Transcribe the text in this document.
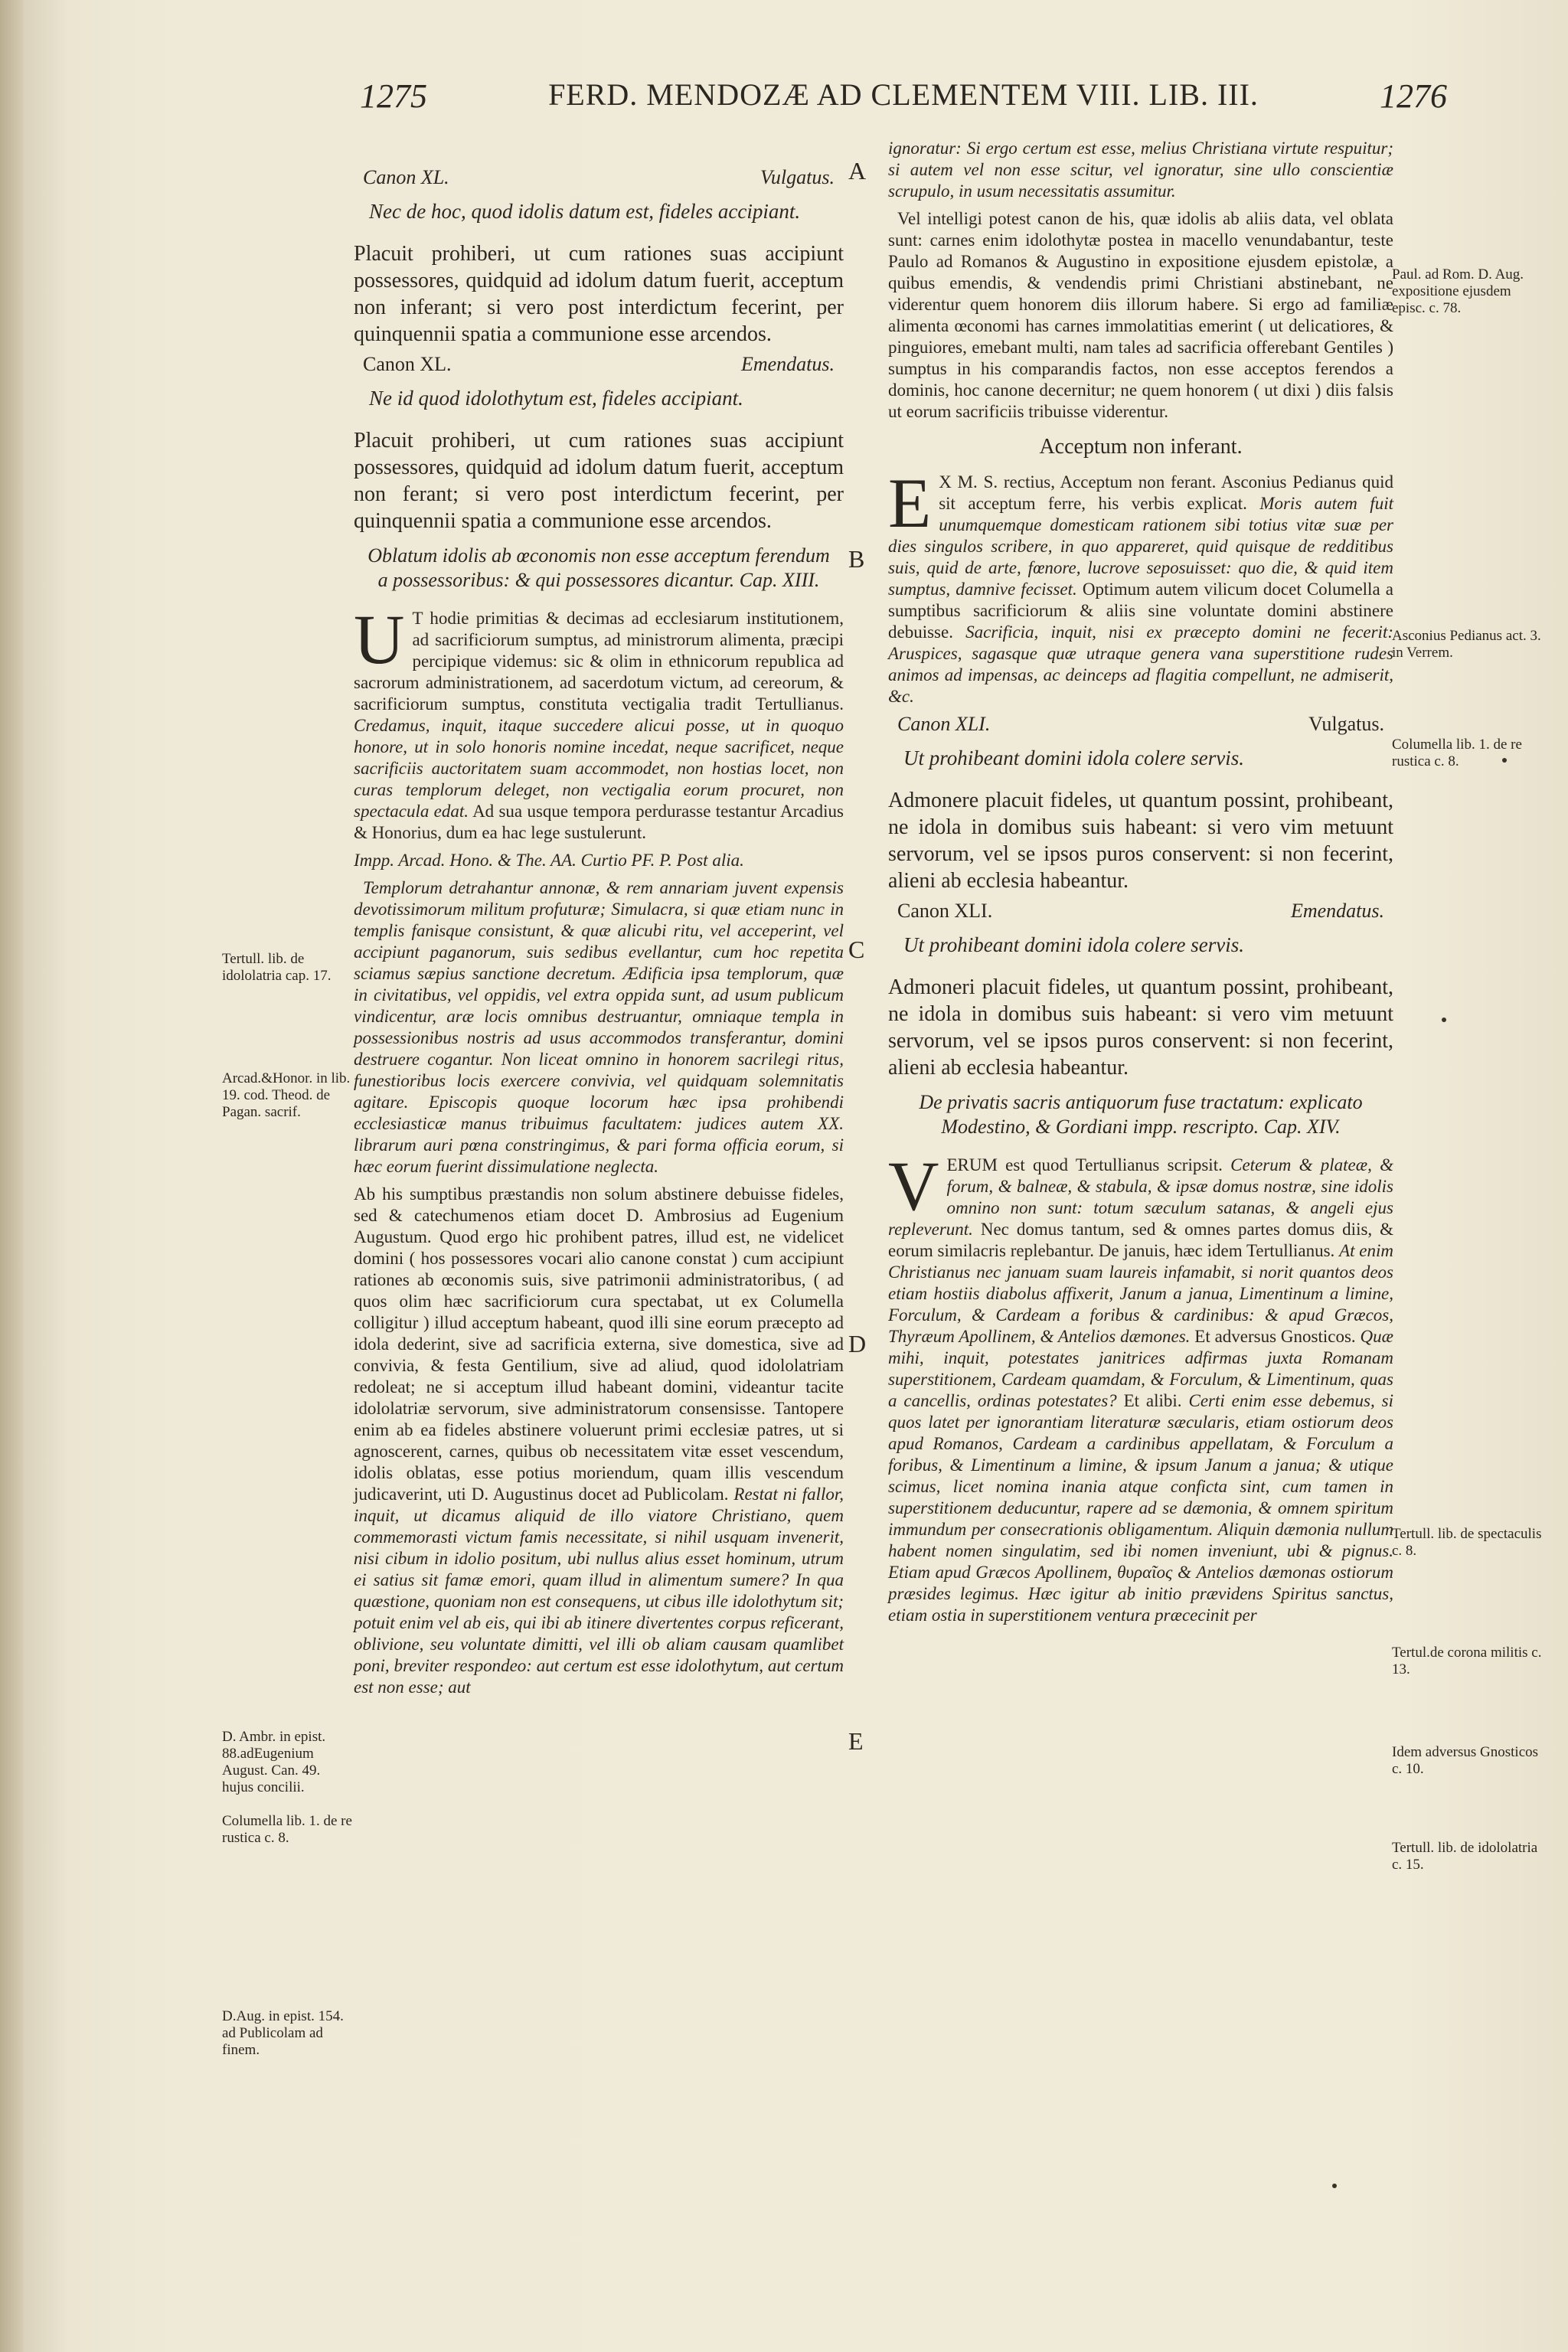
1275	FERD. MENDOZÆ AD CLEMENTEM VIII. LIB. III.	1276
Canon XL.	Vulgatus.
Nec de hoc, quod idolis datum est, fideles accipiant.

Placuit prohiberi, ut cum rationes suas accipiunt possessores, quidquid ad idolum datum fuerit, acceptum non inferant; si vero post interdictum fecerint, per quinquennii spatia a communione esse arcendos.

Canon XL.	Emendatus.
Ne id quod idolothytum est, fideles accipiant.

Placuit prohiberi, ut cum rationes suas accipiunt possessores, quidquid ad idolum datum fuerit, acceptum non ferant; si vero post interdictum fecerint, per quinquennii spatia a communione esse arcendos.

Oblatum idolis ab œconomis non esse acceptum ferendum a possessoribus: & qui possessores dicantur. Cap. XIII.

U T hodie primitias & decimas ad ecclesiarum institutionem, ad sacrificiorum sumptus, ad ministrorum alimenta, præcipi percipique videmus: sic & olim in ethnicorum republica ad sacrorum administrationem, ad sacerdotum victum, ad cereorum, & sacrificiorum sumptus, constituta vectigalia tradit Tertullianus. Credamus, inquit, itaque succedere alicui posse, ut in quoquo honore, ut in solo honoris nomine incedat, neque sacrificet, neque sacrificiis auctoritatem suam accommodet, non hostias locet, non curas templorum deleget, non vectigalia eorum procuret, non spectacula edat. Ad sua usque tempora perdurasse testantur Arcadius & Honorius, dum ea hac lege sustulerunt.

Impp. Arcad. Hono. & The. AA. Curtio PF. P. Post alia.

Templorum detrahantur annonæ, & rem annariam juvent expensis devotissimorum militum profuturæ; Simulacra, si quæ etiam nunc in templis fanisque consistunt, & quæ alicubi ritu, vel acceperint, vel accipiunt paganorum, suis sedibus evellantur, cum hoc repetita sciamus sæpius sanctione decretum. Ædificia ipsa templorum, quæ in civitatibus, vel oppidis, vel extra oppida sunt, ad usum publicum vindicentur, aræ locis omnibus destruantur, omniaque templa in possessionibus nostris ad usus accommodos transferantur, domini destruere cogantur. Non liceat omnino in honorem sacrilegi ritus, funestioribus locis exercere convivia, vel quidquam solemnitatis agitare. Episcopis quoque locorum hæc ipsa prohibendi ecclesiasticæ manus tribuimus facultatem: judices autem XX. librarum auri pœna constringimus, & pari forma officia eorum, si hæc eorum fuerint dissimulatione neglecta.

Ab his sumptibus præstandis non solum abstinere debuisse fideles, sed & catechumenos etiam docet D. Ambrosius ad Eugenium Augustum. Quod ergo hic prohibent patres, illud est, ne videlicet domini ( hos possessores vocari alio canone constat ) cum accipiunt rationes ab œconomis suis, sive patrimonii administratoribus, ( ad quos olim hæc sacrificiorum cura spectabat, ut ex Columella colligitur ) illud acceptum habeant, quod illi sine eorum præcepto ad idola dederint, sive ad sacrificia externa, sive domestica, sive ad convivia, & festa Gentilium, sive ad aliud, quod idololatriam redoleat; ne si acceptum illud habeant domini, videantur tacite idololatriæ servorum, sive administratorum consensisse. Tantopere enim ab ea fideles abstinere voluerunt primi ecclesiæ patres, ut si agnoscerent, carnes, quibus ob necessitatem vitæ esset vescendum, idolis oblatas, esse potius moriendum, quam illis vescendum judicaverint, uti D. Augustinus docet ad Publicolam. Restat ni fallor, inquit, ut dicamus aliquid de illo viatore Christiano, quem commemorasti victum famis necessitate, si nihil usquam invenerit, nisi cibum in idolio positum, ubi nullus alius esset hominum, utrum ei satius sit famæ emori, quam illud in alimentum sumere? In qua quæstione, quoniam non est consequens, ut cibus ille idolothytum sit; potuit enim vel ab eis, qui ibi ab itinere divertentes corpus reficerant, oblivione, seu voluntate dimitti, vel illi ob aliam causam quamlibet poni, breviter respondeo: aut certum est esse idolothytum, aut certum est non esse; aut

ignoratur: Si ergo certum est esse, melius Christiana virtute respuitur; si autem vel non esse scitur, vel ignoratur, sine ullo conscientiæ scrupulo, in usum necessitatis assumitur.

Vel intelligi potest canon de his, quæ idolis ab aliis data, vel oblata sunt: carnes enim idolothytæ postea in macello venundabantur, teste Paulo ad Romanos & Augustino in expositione ejusdem epistolæ, a quibus emendis, & vendendis primi Christiani abstinebant, ne viderentur quem honorem diis illorum habere. Si ergo ad familiæ alimenta œconomi has carnes immolatitias emerint ( ut delicatiores, & pinguiores, emebant multi, nam tales ad sacrificia offerebant Gentiles ) sumptus in his comparandis factos, non esse acceptos ferendos a dominis, hoc canone decernitur; ne quem honorem ( ut dixi ) diis falsis ut eorum sacrificiis tribuisse viderentur.

Acceptum non inferant.

E X M. S. rectius, Acceptum non ferant. Asconius Pedianus quid sit acceptum ferre, his verbis explicat. Moris autem fuit unumquemque domesticam rationem sibi totius vitæ suæ per dies singulos scribere, in quo appareret, quid quisque de redditibus suis, quid de arte, fœnore, lucrove seposuisset: quo die, & quid item sumptus, damnive fecisset. Optimum autem vilicum docet Columella a sumptibus sacrificiorum & aliis sine voluntate domini abstinere debuisse. Sacrificia, inquit, nisi ex præcepto domini ne fecerit: Aruspices, sagasque quæ utraque genera vana superstitione rudes animos ad impensas, ac deinceps ad flagitia compellunt, ne admiserit, &c.

Canon XLI.	Vulgatus.
Ut prohibeant domini idola colere servis.

Admonere placuit fideles, ut quantum possint, prohibeant, ne idola in domibus suis habeant: si vero vim metuunt servorum, vel se ipsos puros conservent: si non fecerint, alieni ab ecclesia habeantur.

Canon XLI.	Emendatus.
Ut prohibeant domini idola colere servis.

Admoneri placuit fideles, ut quantum possint, prohibeant, ne idola in domibus suis habeant: si vero vim metuunt servorum, vel se ipsos puros conservent: si non fecerint, alieni ab ecclesia habeantur.

De privatis sacris antiquorum fuse tractatum: explicato Modestino, & Gordiani impp. rescripto. Cap. XIV.

V ERUM est quod Tertullianus scripsit. Ceterum & plateæ, & forum, & balneæ, & stabula, & ipsæ domus nostræ, sine idolis omnino non sunt: totum sæculum satanas, & angeli ejus repleverunt. Nec domus tantum, sed & omnes partes domus diis, & eorum similacris replebantur. De januis, hæc idem Tertullianus. At enim Christianus nec januam suam laureis infamabit, si norit quantos deos etiam hostiis diabolus affixerit, Janum a janua, Limentinum a limine, Forculum, & Cardeam a foribus & cardinibus: & apud Græcos, Thyræum Apollinem, & Antelios dæmones. Et adversus Gnosticos. Quæ mihi, inquit, potestates janitrices adfirmas juxta Romanam superstitionem, Cardeam quamdam, & Forculum, & Limentinum, quas a cancellis, ordinas potestates? Et alibi. Certi enim esse debemus, si quos latet per ignorantiam literaturæ sæcularis, etiam ostiorum deos apud Romanos, Cardeam a cardinibus appellatam, & Forculum a foribus, & Limentinum a limine, & ipsum Janum a janua; & utique scimus, licet nomina inania atque conficta sint, cum tamen in superstitionem deducuntur, rapere ad se dæmonia, & omnem spiritum immundum per consecrationis obligamentum. Aliquin dæmonia nullum habent nomen singulatim, sed ibi nomen inveniunt, ubi & pignus. Etiam apud Græcos Apollinem, θυραῖος & Antelios dæmonas ostiorum præsides legimus. Hæc igitur ab initio prævidens Spiritus sanctus, etiam ostia in superstitionem ventura præcecinit per

Tertull. lib. de idololatria cap. 17.
Arcad.&Honor. in lib. 19. cod. Theod. de Pagan. sacrif.
D. Ambr. in epist. 88.adEugenium August. Can. 49. hujus concilii.
Columella lib. 1. de re rustica c. 8.
D.Aug. in epist. 154. ad Publicolam ad finem.
Paul. ad Rom. D. Aug. expositione ejusdem episc. c. 78.
Asconius Pedianus act. 3. in Verrem.
Columella lib. 1. de re rustica c. 8.
Tertull. lib. de spectaculis c. 8.
Tertul.de corona militis c. 13.
Idem adversus Gnosticos c. 10.
Tertull. lib. de idololatria c. 15.
A
B
C
D
E
